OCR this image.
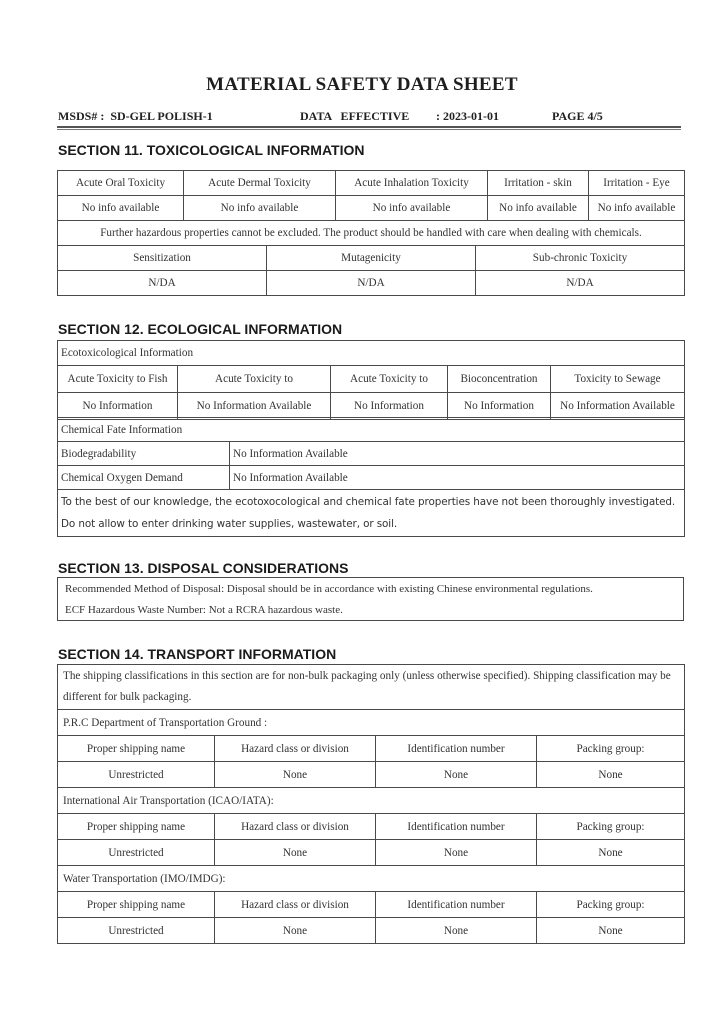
MATERIAL SAFETY DATA SHEET
MSDS# : SD-GEL POLISH-1	DATA EFFECTIVE : 2023-01-01	PAGE 4/5
SECTION 11. TOXICOLOGICAL INFORMATION
Acute Oral Toxicity	Acute Dermal Toxicity	Acute Inhalation Toxicity	Irritation - skin	Irritation - Eye
No info available	No info available	No info available	No info available	No info available
Further hazardous properties cannot be excluded. The product should be handled with care when dealing with chemicals.				
Sensitization	Mutagenicity	Sub-chronic Toxicity
N/DA	N/DA	N/DA
SECTION 12. ECOLOGICAL INFORMATION
Ecotoxicological Information				
Acute Toxicity to Fish	Acute Toxicity to	Acute Toxicity to	Bioconcentration	Toxicity to Sewage
No Information	No Information Available	No Information	No Information	No Information Available
Chemical Fate Information	
Biodegradability	No Information Available
Chemical Oxygen Demand	No Information Available
To the best of our knowledge, the ecotoxocological and chemical fate properties have not been thoroughly investigated. Do not allow to enter drinking water supplies, wastewater, or soil.	
SECTION 13. DISPOSAL CONSIDERATIONS
Recommended Method of Disposal: Disposal should be in accordance with existing Chinese environmental regulations.
ECF Hazardous Waste Number: Not a RCRA hazardous waste.
SECTION 14. TRANSPORT INFORMATION
The shipping classifications in this section are for non-bulk packaging only (unless otherwise specified). Shipping classification may be different for bulk packaging.			
P.R.C Department of Transportation Ground :			
Proper shipping name	Hazard class or division	Identification number	Packing group:
Unrestricted	None	None	None
International Air Transportation (ICAO/IATA):			
Proper shipping name	Hazard class or division	Identification number	Packing group:
Unrestricted	None	None	None
Water Transportation (IMO/IMDG):			
Proper shipping name	Hazard class or division	Identification number	Packing group:
Unrestricted	None	None	None
